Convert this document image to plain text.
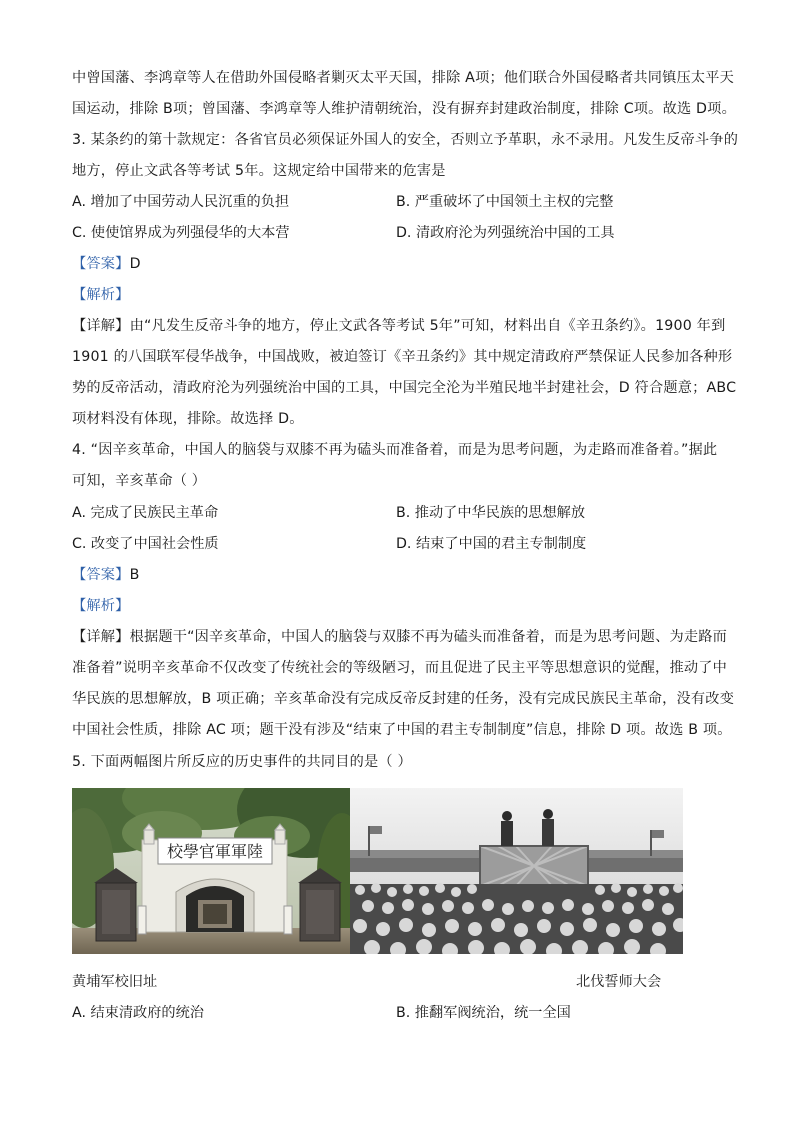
中曾国藩、李鸿章等人在借助外国侵略者剿灭太平天国，排除 A项；他们联合外国侵略者共同镇压太平天
国运动，排除 B项；曾国藩、李鸿章等人维护清朝统治，没有摒弃封建政治制度，排除 C项。故选 D项。
3. 某条约的第十款规定：各省官员必须保证外国人的安全，否则立予革职，永不录用。凡发生反帝斗争的
地方，停止文武各等考试 5年。这规定给中国带来的危害是
A. 增加了中国劳动人民沉重的负担	B. 严重破坏了中国领土主权的完整
C. 使使馆界成为列强侵华的大本营	D. 清政府沦为列强统治中国的工具
【答案】D
【解析】
【详解】由“凡发生反帝斗争的地方，停止文武各等考试 5年”可知，材料出自《辛丑条约》。1900 年到
1901 的八国联军侵华战争，中国战败，被迫签订《辛丑条约》其中规定清政府严禁保证人民参加各种形
势的反帝活动，清政府沦为列强统治中国的工具，中国完全沦为半殖民地半封建社会，D 符合题意；ABC
项材料没有体现，排除。故选择 D。
4. “因辛亥革命，中国人的脑袋与双膝不再为磕头而准备着，而是为思考问题，为走路而准备着。”据此
可知，辛亥革命（ ）
A. 完成了民族民主革命	B. 推动了中华民族的思想解放
C. 改变了中国社会性质	D. 结束了中国的君主专制制度
【答案】B
【解析】
【详解】根据题干“因辛亥革命，中国人的脑袋与双膝不再为磕头而准备着，而是为思考问题、为走路而
准备着”说明辛亥革命不仅改变了传统社会的等级陋习，而且促进了民主平等思想意识的觉醒，推动了中
华民族的思想解放，B 项正确；辛亥革命没有完成反帝反封建的任务，没有完成民族民主革命，没有改变
中国社会性质，排除 AC 项；题干没有涉及“结束了中国的君主专制制度”信息，排除 D 项。故选 B 项。
5. 下面两幅图片所反应的历史事件的共同目的是（ ）
校學官軍軍陸
黄埔军校旧址	北伐誓师大会
A. 结束清政府的统治	B. 推翻军阀统治，统一全国
